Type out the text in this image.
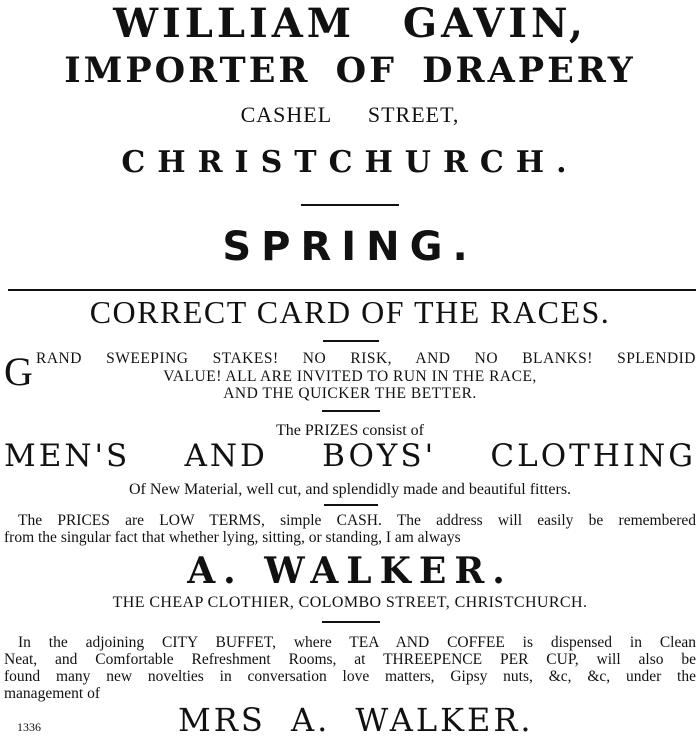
WILLIAM GAVIN,
IMPORTER OF DRAPERY
CASHEL STREET,
CHRISTCHURCH.
SPRING.
CORRECT CARD OF THE RACES.
G RAND SWEEPING STAKES! NO RISK, AND NO BLANKS! SPLENDID
VALUE! ALL ARE INVITED TO RUN IN THE RACE,
AND THE QUICKER THE BETTER.
The PRIZES consist of
MEN'S AND BOYS' CLOTHING
Of New Material, well cut, and splendidly made and beautiful fitters.

The PRICES are LOW TERMS, simple CASH. The address will easily be remembered

from the singular fact that whether lying, sitting, or standing, I am always

A. WALKER.
THE CHEAP CLOTHIER, COLOMBO STREET, CHRISTCHURCH.

In the adjoining CITY BUFFET, where TEA AND COFFEE is dispensed in Clean

Neat, and Comfortable Refreshment Rooms, at THREEPENCE PER CUP, will also be

found many new novelties in conversation love matters, Gipsy nuts, &c, &c, under the

management of

1336	MRS A. WALKER.
